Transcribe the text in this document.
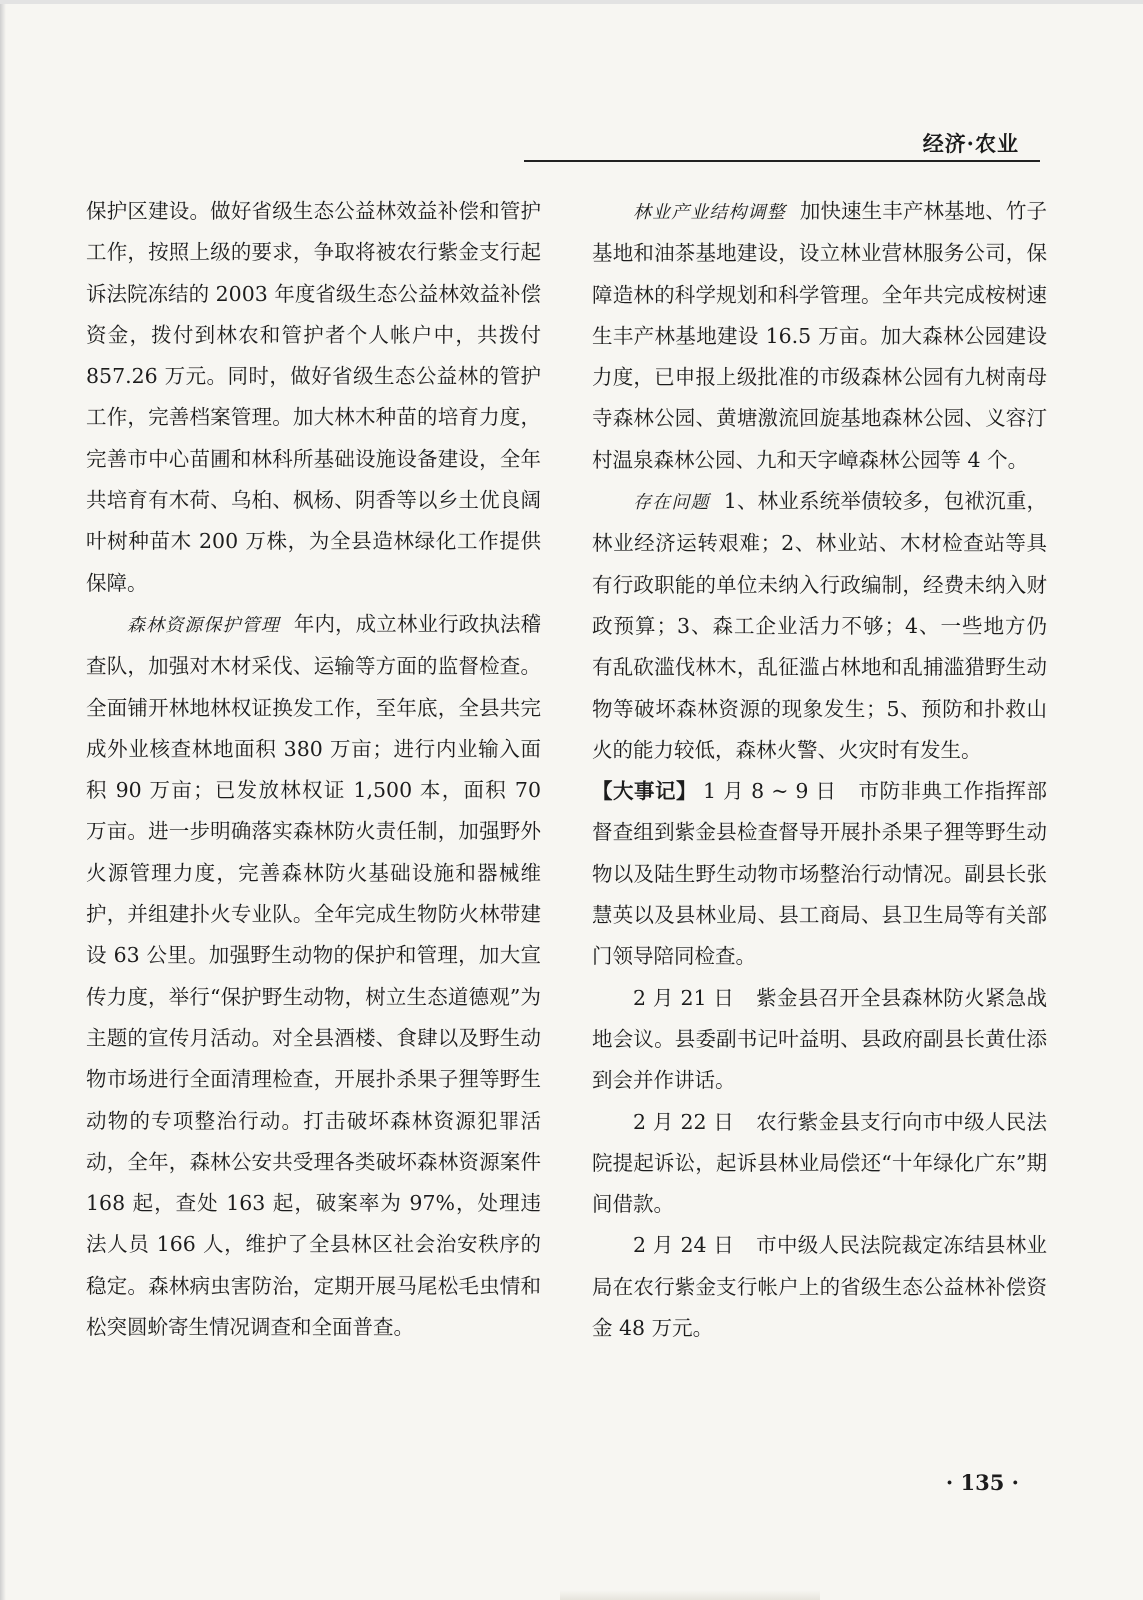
经济·农业

保护区建设。做好省级生态公益林效益补偿和管护工作，按照上级的要求，争取将被农行紫金支行起诉法院冻结的 2003 年度省级生态公益林效益补偿资金，拨付到林农和管护者个人帐户中，共拨付 857.26 万元。同时，做好省级生态公益林的管护工作，完善档案管理。加大林木种苗的培育力度，完善市中心苗圃和林科所基础设施设备建设，全年共培育有木荷、乌桕、枫杨、阴香等以乡土优良阔叶树种苗木 200 万株，为全县造林绿化工作提供保障。

森林资源保护管理 年内，成立林业行政执法稽查队，加强对木材采伐、运输等方面的监督检查。全面铺开林地林权证换发工作，至年底，全县共完成外业核查林地面积 380 万亩；进行内业输入面积 90 万亩；已发放林权证 1,500 本，面积 70 万亩。进一步明确落实森林防火责任制，加强野外火源管理力度，完善森林防火基础设施和器械维护，并组建扑火专业队。全年完成生物防火林带建设 63 公里。加强野生动物的保护和管理，加大宣传力度，举行“保护野生动物，树立生态道德观”为主题的宣传月活动。对全县酒楼、食肆以及野生动物市场进行全面清理检查，开展扑杀果子狸等野生动物的专项整治行动。打击破坏森林资源犯罪活动，全年，森林公安共受理各类破坏森林资源案件 168 起，查处 163 起，破案率为 97%，处理违法人员 166 人，维护了全县林区社会治安秩序的稳定。森林病虫害防治，定期开展马尾松毛虫情和松突圆蚧寄生情况调查和全面普查。

林业产业结构调整 加快速生丰产林基地、竹子基地和油茶基地建设，设立林业营林服务公司，保障造林的科学规划和科学管理。全年共完成桉树速生丰产林基地建设 16.5 万亩。加大森林公园建设力度，已申报上级批准的市级森林公园有九树南母寺森林公园、黄塘激流回旋基地森林公园、义容汀村温泉森林公园、九和天字嶂森林公园等 4 个。

存在问题 1、林业系统举债较多，包袱沉重，林业经济运转艰难；2、林业站、木材检查站等具有行政职能的单位未纳入行政编制，经费未纳入财政预算；3、森工企业活力不够；4、一些地方仍有乱砍滥伐林木，乱征滥占林地和乱捕滥猎野生动物等破坏森林资源的现象发生；5、预防和扑救山火的能力较低，森林火警、火灾时有发生。

【大事记】 1 月 8 ~ 9 日 市防非典工作指挥部督查组到紫金县检查督导开展扑杀果子狸等野生动物以及陆生野生动物市场整治行动情况。副县长张慧英以及县林业局、县工商局、县卫生局等有关部门领导陪同检查。

2 月 21 日 紫金县召开全县森林防火紧急战地会议。县委副书记叶益明、县政府副县长黄仕添到会并作讲话。

2 月 22 日 农行紫金县支行向市中级人民法院提起诉讼，起诉县林业局偿还“十年绿化广东”期间借款。

2 月 24 日 市中级人民法院裁定冻结县林业局在农行紫金支行帐户上的省级生态公益林补偿资金 48 万元。

· 135 ·
